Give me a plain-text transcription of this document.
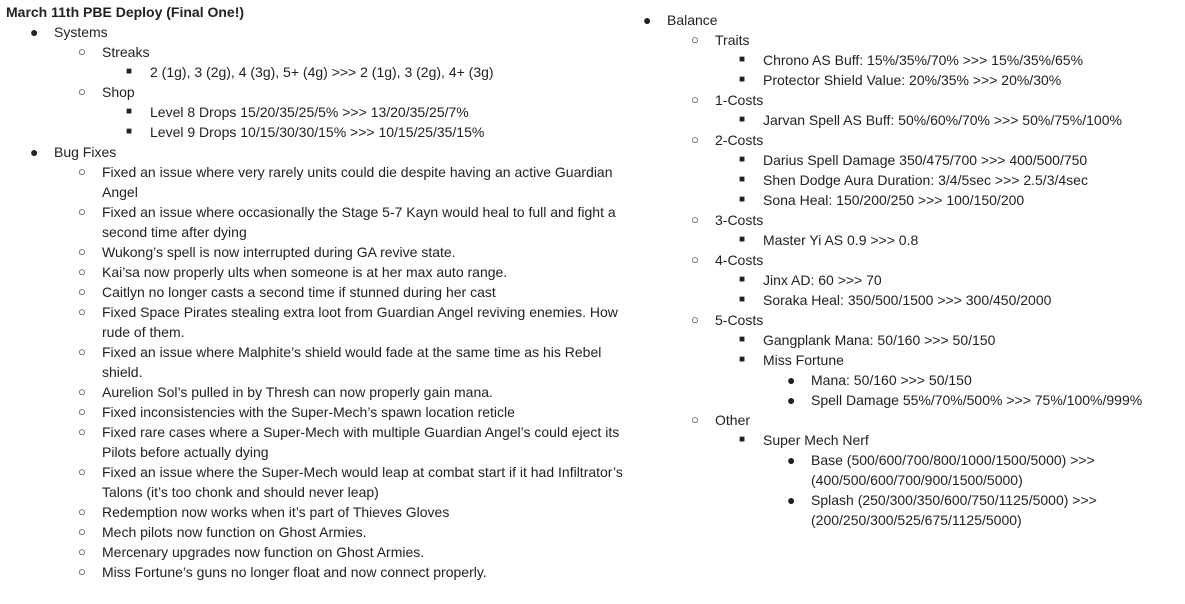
March 11th PBE Deploy (Final One!)
● Systems
○ Streaks
■ 2 (1g), 3 (2g), 4 (3g), 5+ (4g) >>> 2 (1g), 3 (2g), 4+ (3g)
○ Shop
■ Level 8 Drops 15/20/35/25/5% >>> 13/20/35/25/7%
■ Level 9 Drops 10/15/30/30/15% >>> 10/15/25/35/15%
● Bug Fixes
○ Fixed an issue where very rarely units could die despite having an active Guardian Angel
○ Fixed an issue where occasionally the Stage 5-7 Kayn would heal to full and fight a second time after dying
○ Wukong’s spell is now interrupted during GA revive state.
○ Kai’sa now properly ults when someone is at her max auto range.
○ Caitlyn no longer casts a second time if stunned during her cast
○ Fixed Space Pirates stealing extra loot from Guardian Angel reviving enemies. How rude of them.
○ Fixed an issue where Malphite’s shield would fade at the same time as his Rebel shield.
○ Aurelion Sol’s pulled in by Thresh can now properly gain mana.
○ Fixed inconsistencies with the Super-Mech’s spawn location reticle
○ Fixed rare cases where a Super-Mech with multiple Guardian Angel’s could eject its Pilots before actually dying
○ Fixed an issue where the Super-Mech would leap at combat start if it had Infiltrator’s Talons (it’s too chonk and should never leap)
○ Redemption now works when it’s part of Thieves Gloves
○ Mech pilots now function on Ghost Armies.
○ Mercenary upgrades now function on Ghost Armies.
○ Miss Fortune’s guns no longer float and now connect properly.
● Balance
○ Traits
■ Chrono AS Buff: 15%/35%/70% >>> 15%/35%/65%
■ Protector Shield Value: 20%/35% >>> 20%/30%
○ 1-Costs
■ Jarvan Spell AS Buff: 50%/60%/70% >>> 50%/75%/100%
○ 2-Costs
■ Darius Spell Damage 350/475/700 >>> 400/500/750
■ Shen Dodge Aura Duration: 3/4/5sec >>> 2.5/3/4sec
■ Sona Heal: 150/200/250 >>> 100/150/200
○ 3-Costs
■ Master Yi AS 0.9 >>> 0.8
○ 4-Costs
■ Jinx AD: 60 >>> 70
■ Soraka Heal: 350/500/1500 >>> 300/450/2000
○ 5-Costs
■ Gangplank Mana: 50/160 >>> 50/150
■ Miss Fortune
● Mana: 50/160 >>> 50/150
● Spell Damage 55%/70%/500% >>> 75%/100%/999%
○ Other
■ Super Mech Nerf
● Base (500/600/700/800/1000/1500/5000) >>> (400/500/600/700/900/1500/5000)
● Splash (250/300/350/600/750/1125/5000) >>> (200/250/300/525/675/1125/5000)
